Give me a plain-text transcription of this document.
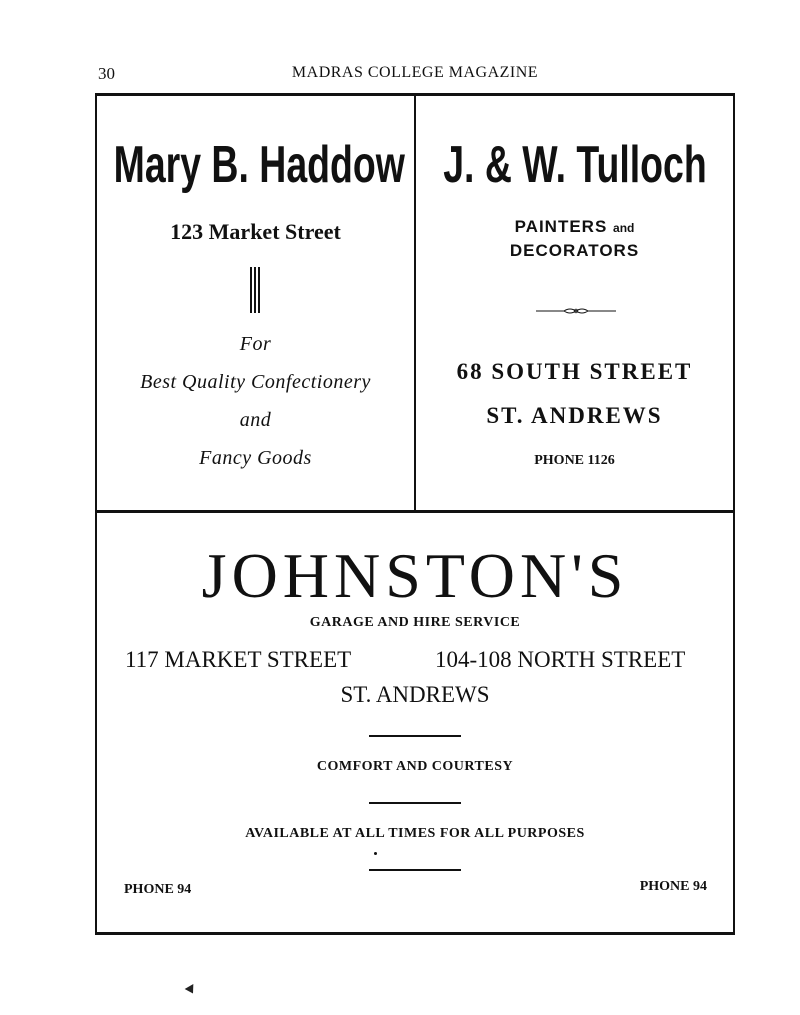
30	MADRAS COLLEGE MAGAZINE
Mary B. Haddow
123 Market Street
For
Best Quality Confectionery
and
Fancy Goods
J. & W. Tulloch
PAINTERS and
DECORATORS
68 SOUTH STREET
ST. ANDREWS
PHONE 1126
JOHNSTON'S
GARAGE AND HIRE SERVICE
117 MARKET STREET	104-108 NORTH STREET
ST. ANDREWS
COMFORT AND COURTESY
AVAILABLE AT ALL TIMES FOR ALL PURPOSES
PHONE 94	PHONE 94
